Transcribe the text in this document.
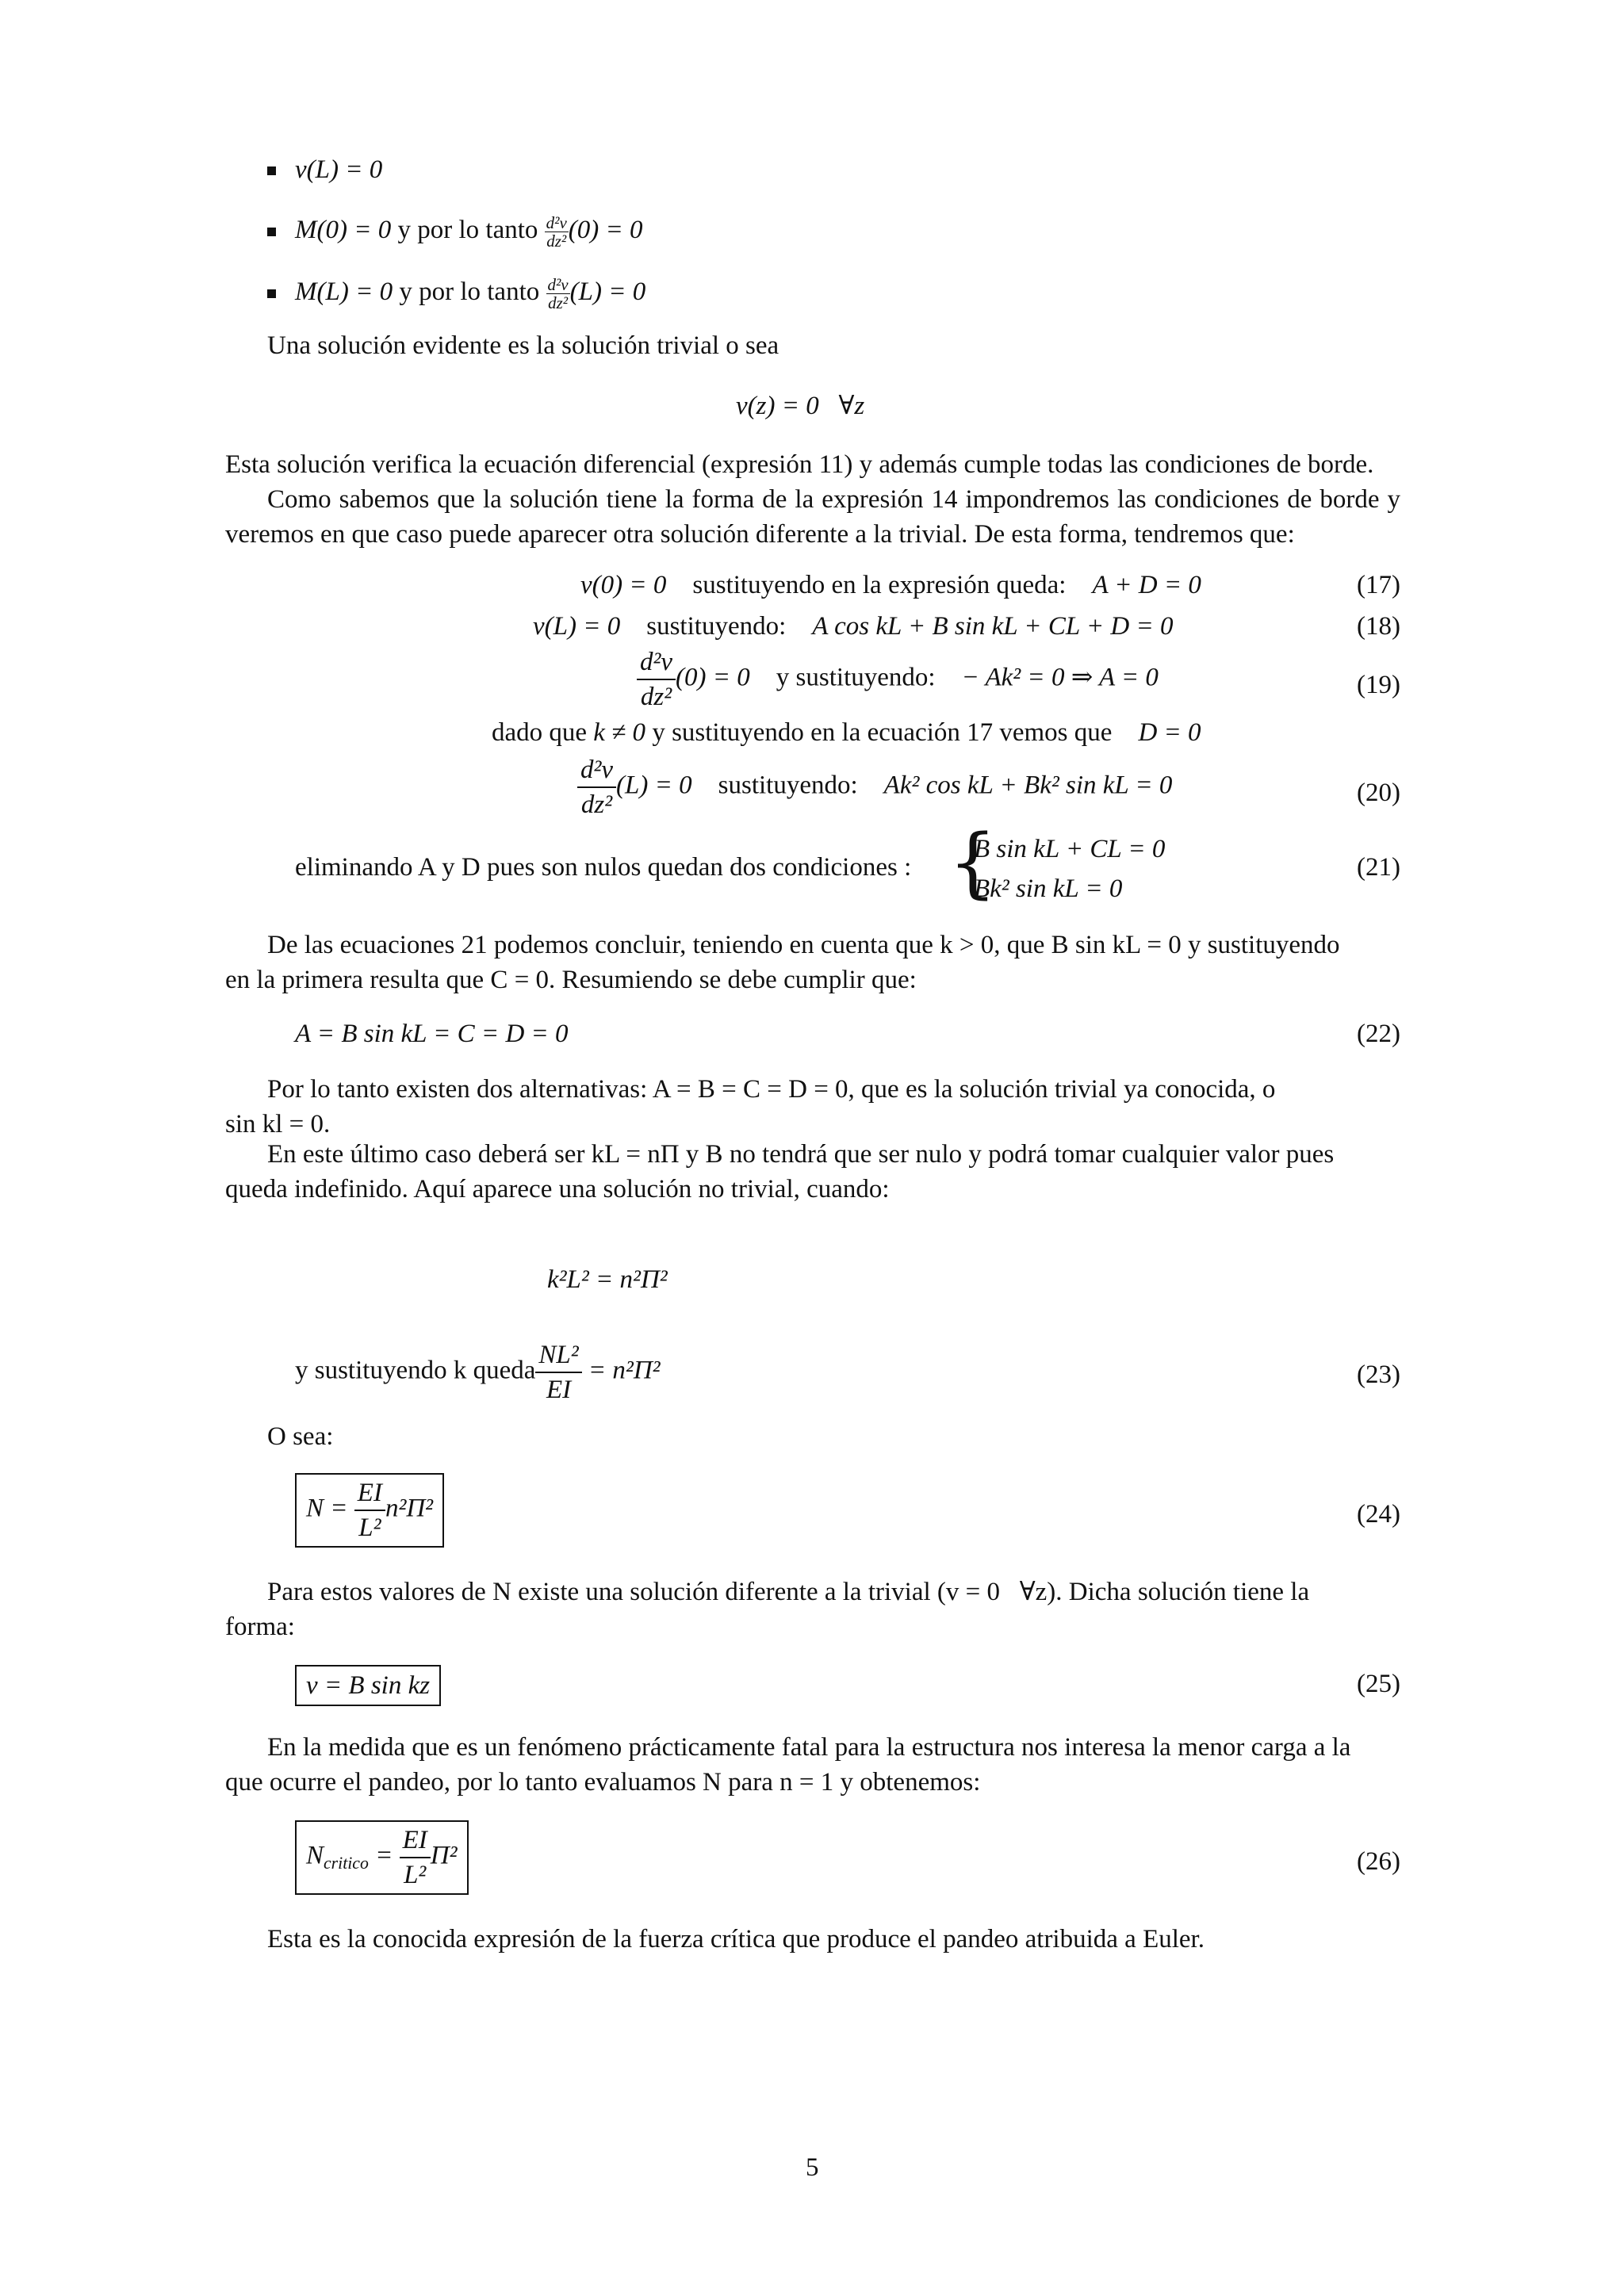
v(L) = 0
M(0) = 0 y por lo tanto $\frac{\text{d²v}}{\text{dz²}} (0) = 0$
M(L) = 0 y por lo tanto $\frac{\text{d²v}}{\text{dz²}} (L) = 0$
Una solución evidente es la solución trivial o sea
v(z) = 0   ∀z
Esta solución verifica la ecuación diferencial (expresión 11) y además cumple todas las condiciones de borde.
Como sabemos que la solución tiene la forma de la expresión 14 impondremos las condiciones de borde y veremos en que caso puede aparecer otra solución diferente a la trivial. De esta forma, tendremos que:
v(0) = 0 sustituyendo en la expresión queda: A + D = 0	(17)
v(L) = 0 sustituyendo: A cos kL + B sin kL + CL + D = 0	(18)
$\frac{\text{d²v}}{\text{dz²}} (0) = 0$ y sustituyendo: − Ak² = 0 ⇒ A = 0	(19)
dado que k ≠ 0 y sustituyendo en la ecuación 17 vemos que D = 0
$\frac{\text{d²v}}{\text{dz²}} (L) = 0$ sustituyendo: Ak² cos kL + Bk² sin kL = 0	(20)
eliminando A y D pues son nulos quedan dos condiciones : {
B sin kL + CL = 0
Bk² sin kL = 0
(21)
De las ecuaciones 21 podemos concluir, teniendo en cuenta que k > 0, que B sin kL = 0 y sustituyendo
en la primera resulta que C = 0. Resumiendo se debe cumplir que:
A = B sin kL = C = D = 0	(22)
Por lo tanto existen dos alternativas: A = B = C = D = 0, que es la solución trivial ya conocida, o
sin kl = 0.
En este último caso deberá ser kL = nΠ y B no tendrá que ser nulo y podrá tomar cualquier valor pues
queda indefinido. Aquí aparece una solución no trivial, cuando:
k²L² = n²Π²
y sustituyendo k queda $\frac{\text{NL²}}{EI} = n^2\Pi^2$	(23)
O sea:
$N = \frac{EI}{\text{L²}} n^2\Pi^2$	(24)
Para estos valores de N existe una solución diferente a la trivial (v = 0   ∀z). Dicha solución tiene la
forma:
v = B sin kz	(25)
En la medida que es un fenómeno prácticamente fatal para la estructura nos interesa la menor carga a la
que ocurre el pandeo, por lo tanto evaluamos N para n = 1 y obtenemos:
$N_{critico} = \frac{EI}{\text{L²}} \Pi^2$	(26)
Esta es la conocida expresión de la fuerza crítica que produce el pandeo atribuida a Euler.
5
